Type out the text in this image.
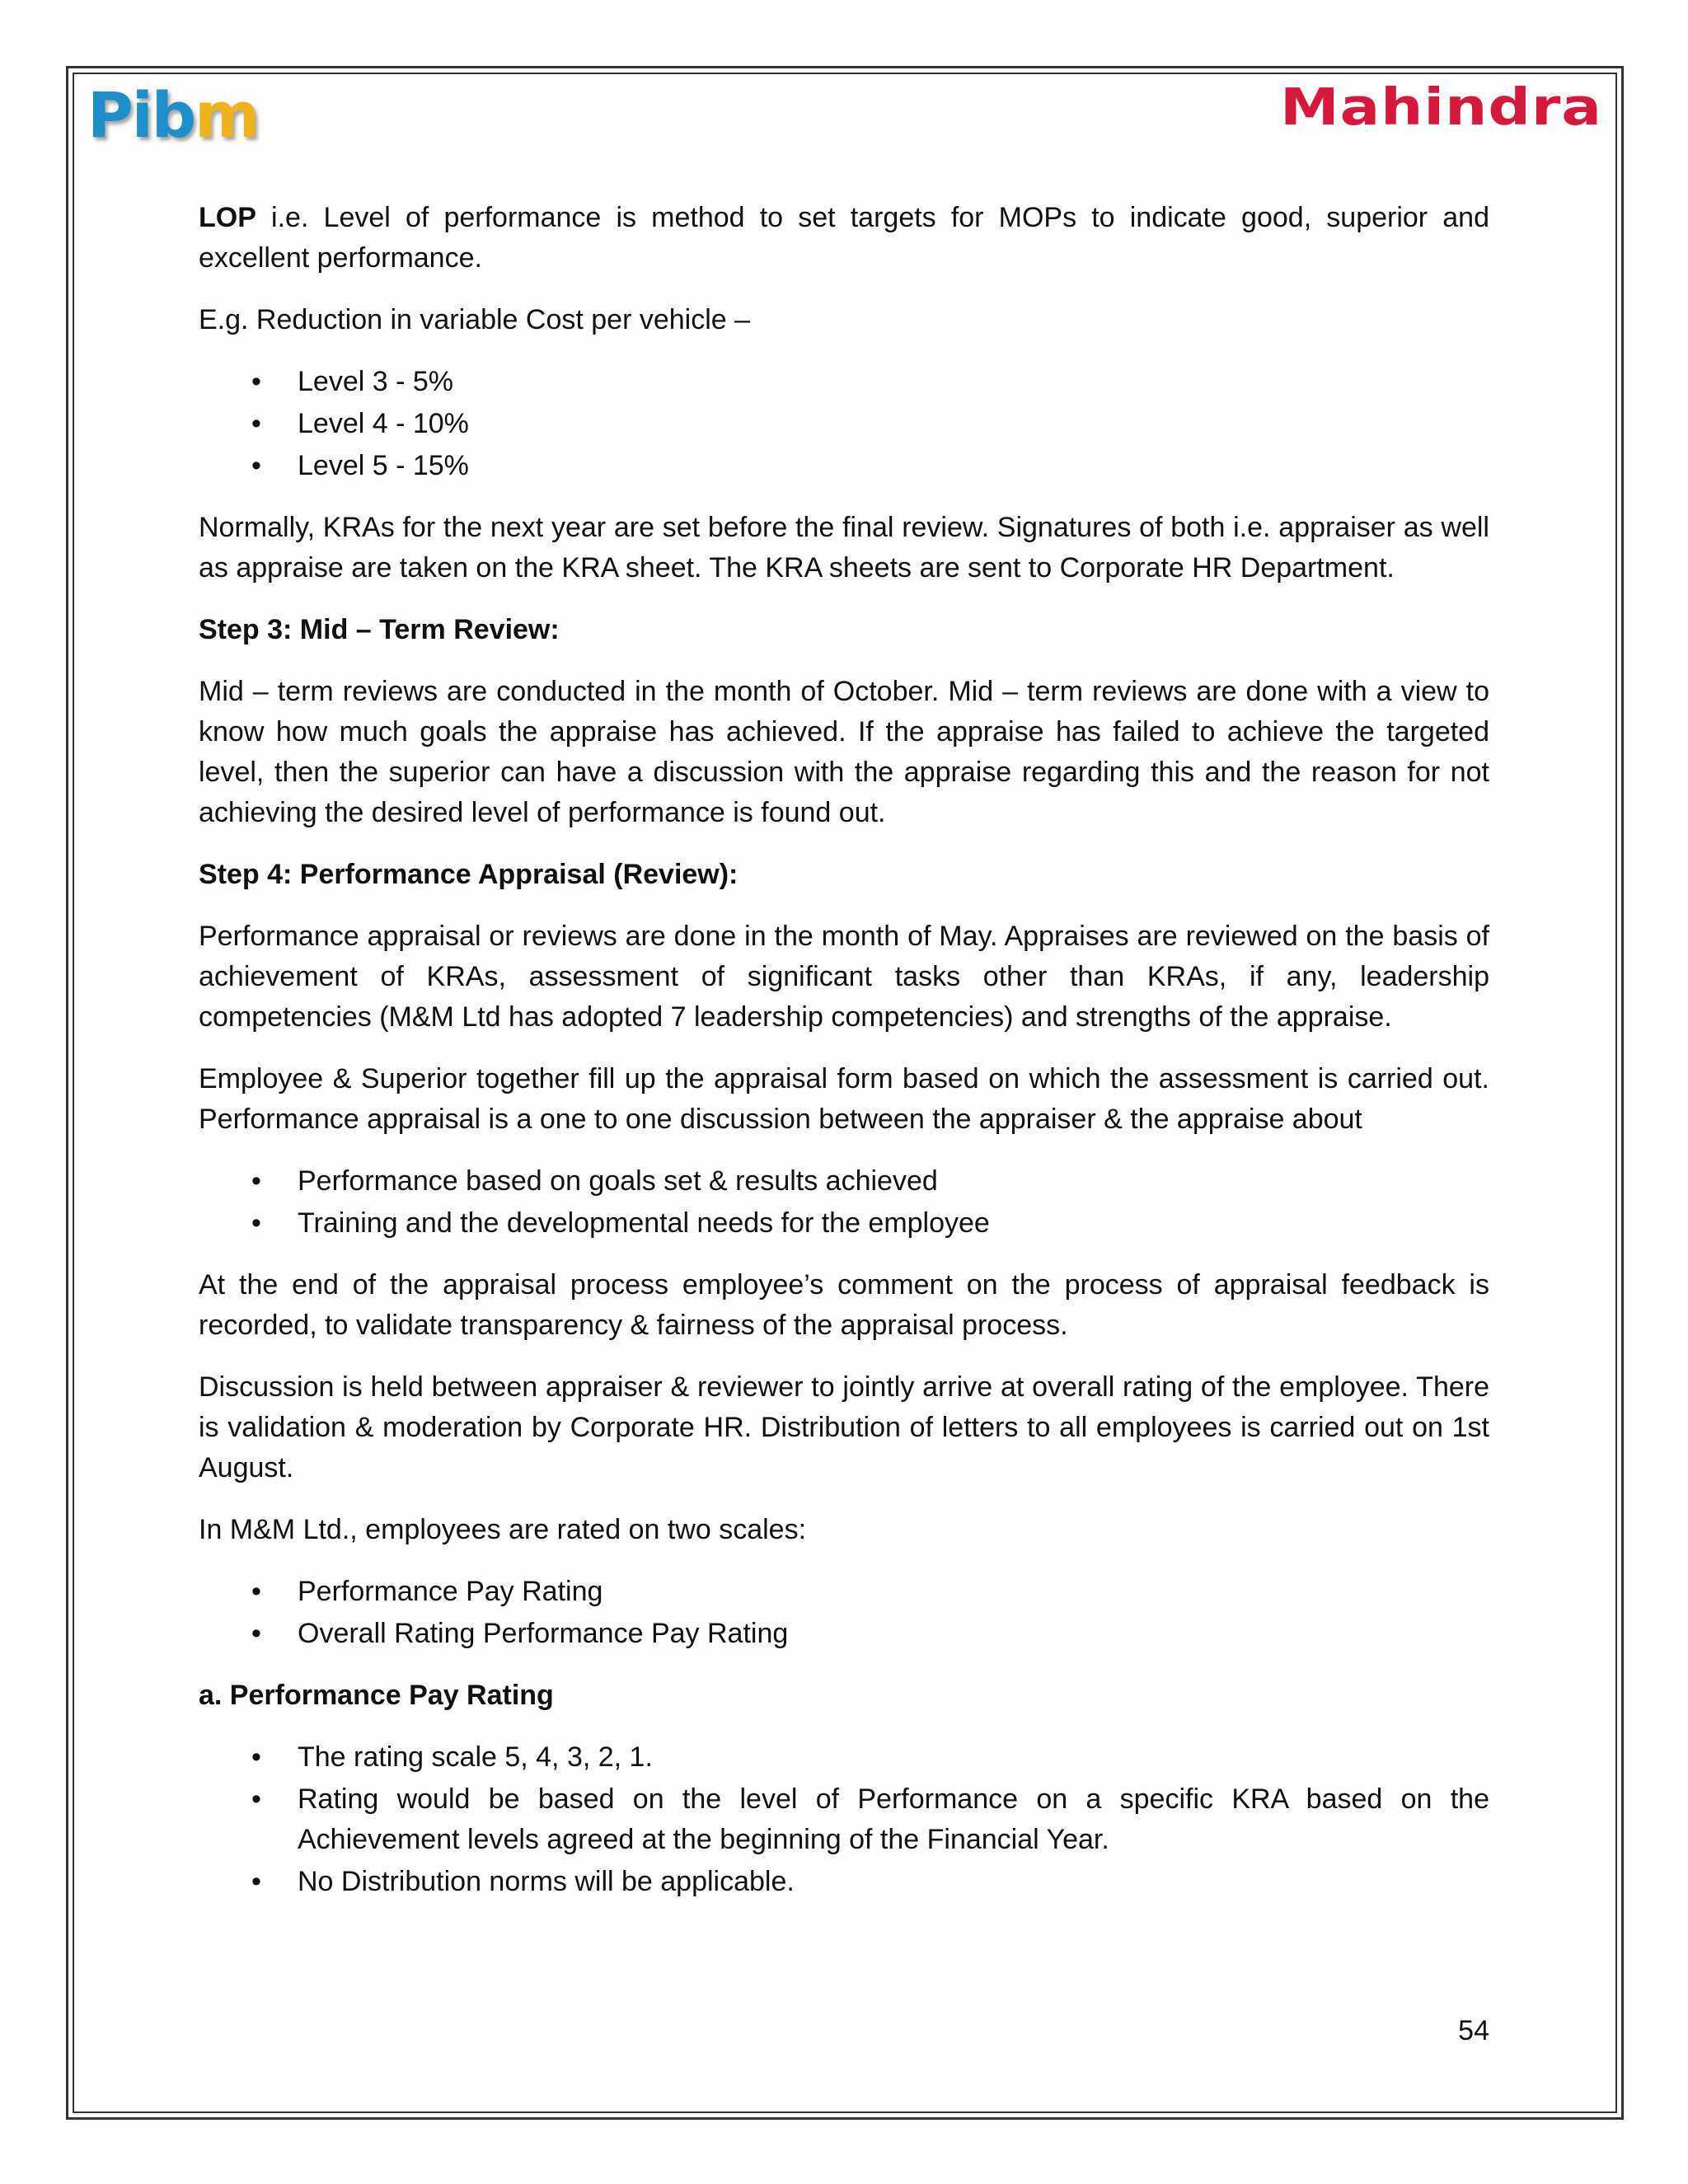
Pibm	Mahindra

LOP i.e. Level of performance is method to set targets for MOPs to indicate good, superior and excellent performance.

E.g. Reduction in variable Cost per vehicle –

• Level 3 - 5%
• Level 4 - 10%
• Level 5 - 15%

Normally, KRAs for the next year are set before the final review. Signatures of both i.e. appraiser as well as appraise are taken on the KRA sheet. The KRA sheets are sent to Corporate HR Department.

Step 3: Mid – Term Review:

Mid – term reviews are conducted in the month of October. Mid – term reviews are done with a view to know how much goals the appraise has achieved. If the appraise has failed to achieve the targeted level, then the superior can have a discussion with the appraise regarding this and the reason for not achieving the desired level of performance is found out.

Step 4: Performance Appraisal (Review):

Performance appraisal or reviews are done in the month of May. Appraises are reviewed on the basis of achievement of KRAs, assessment of significant tasks other than KRAs, if any, leadership competencies (M&M Ltd has adopted 7 leadership competencies) and strengths of the appraise.

Employee & Superior together fill up the appraisal form based on which the assessment is carried out. Performance appraisal is a one to one discussion between the appraiser & the appraise about

• Performance based on goals set & results achieved
• Training and the developmental needs for the employee

At the end of the appraisal process employee’s comment on the process of appraisal feedback is recorded, to validate transparency & fairness of the appraisal process.

Discussion is held between appraiser & reviewer to jointly arrive at overall rating of the employee. There is validation & moderation by Corporate HR. Distribution of letters to all employees is carried out on 1st August.

In M&M Ltd., employees are rated on two scales:

• Performance Pay Rating
• Overall Rating Performance Pay Rating
a. Performance Pay Rating
• The rating scale 5, 4, 3, 2, 1.
• Rating would be based on the level of Performance on a specific KRA based on the Achievement levels agreed at the beginning of the Financial Year.
• No Distribution norms will be applicable.
54
